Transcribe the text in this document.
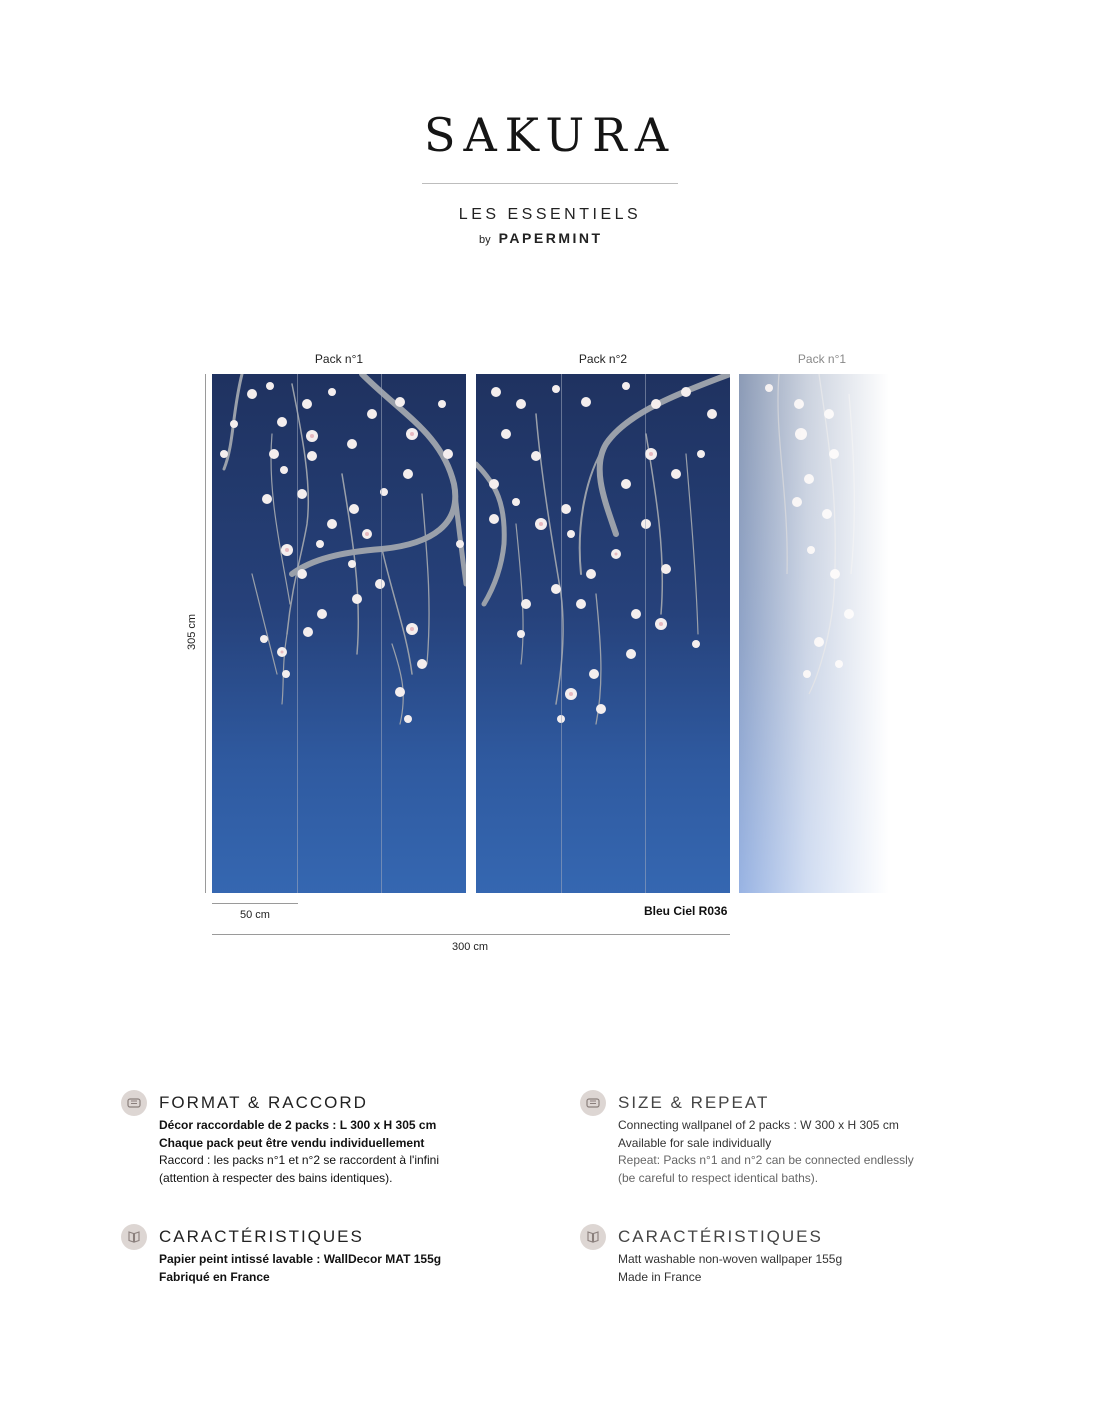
SAKURA
LES ESSENTIELS
by PAPERMINT
Pack n°1	Pack n°2	Pack n°1
305 cm
50 cm
300 cm
Bleu Ciel R036
FORMAT & RACCORD
Décor raccordable de 2 packs : L 300 x H 305 cm
Chaque pack peut être vendu individuellement
Raccord : les packs n°1 et n°2 se raccordent à l'infini
(attention à respecter des bains identiques).
SIZE & REPEAT
Connecting wallpanel of 2 packs : W 300 x H 305 cm
Available for sale individually
Repeat: Packs n°1 and n°2 can be connected endlessly
(be careful to respect identical baths).
CARACTÉRISTIQUES
Papier peint intissé lavable : WallDecor MAT 155g
Fabriqué en France
CARACTÉRISTIQUES
Matt washable non-woven wallpaper 155g
Made in France
